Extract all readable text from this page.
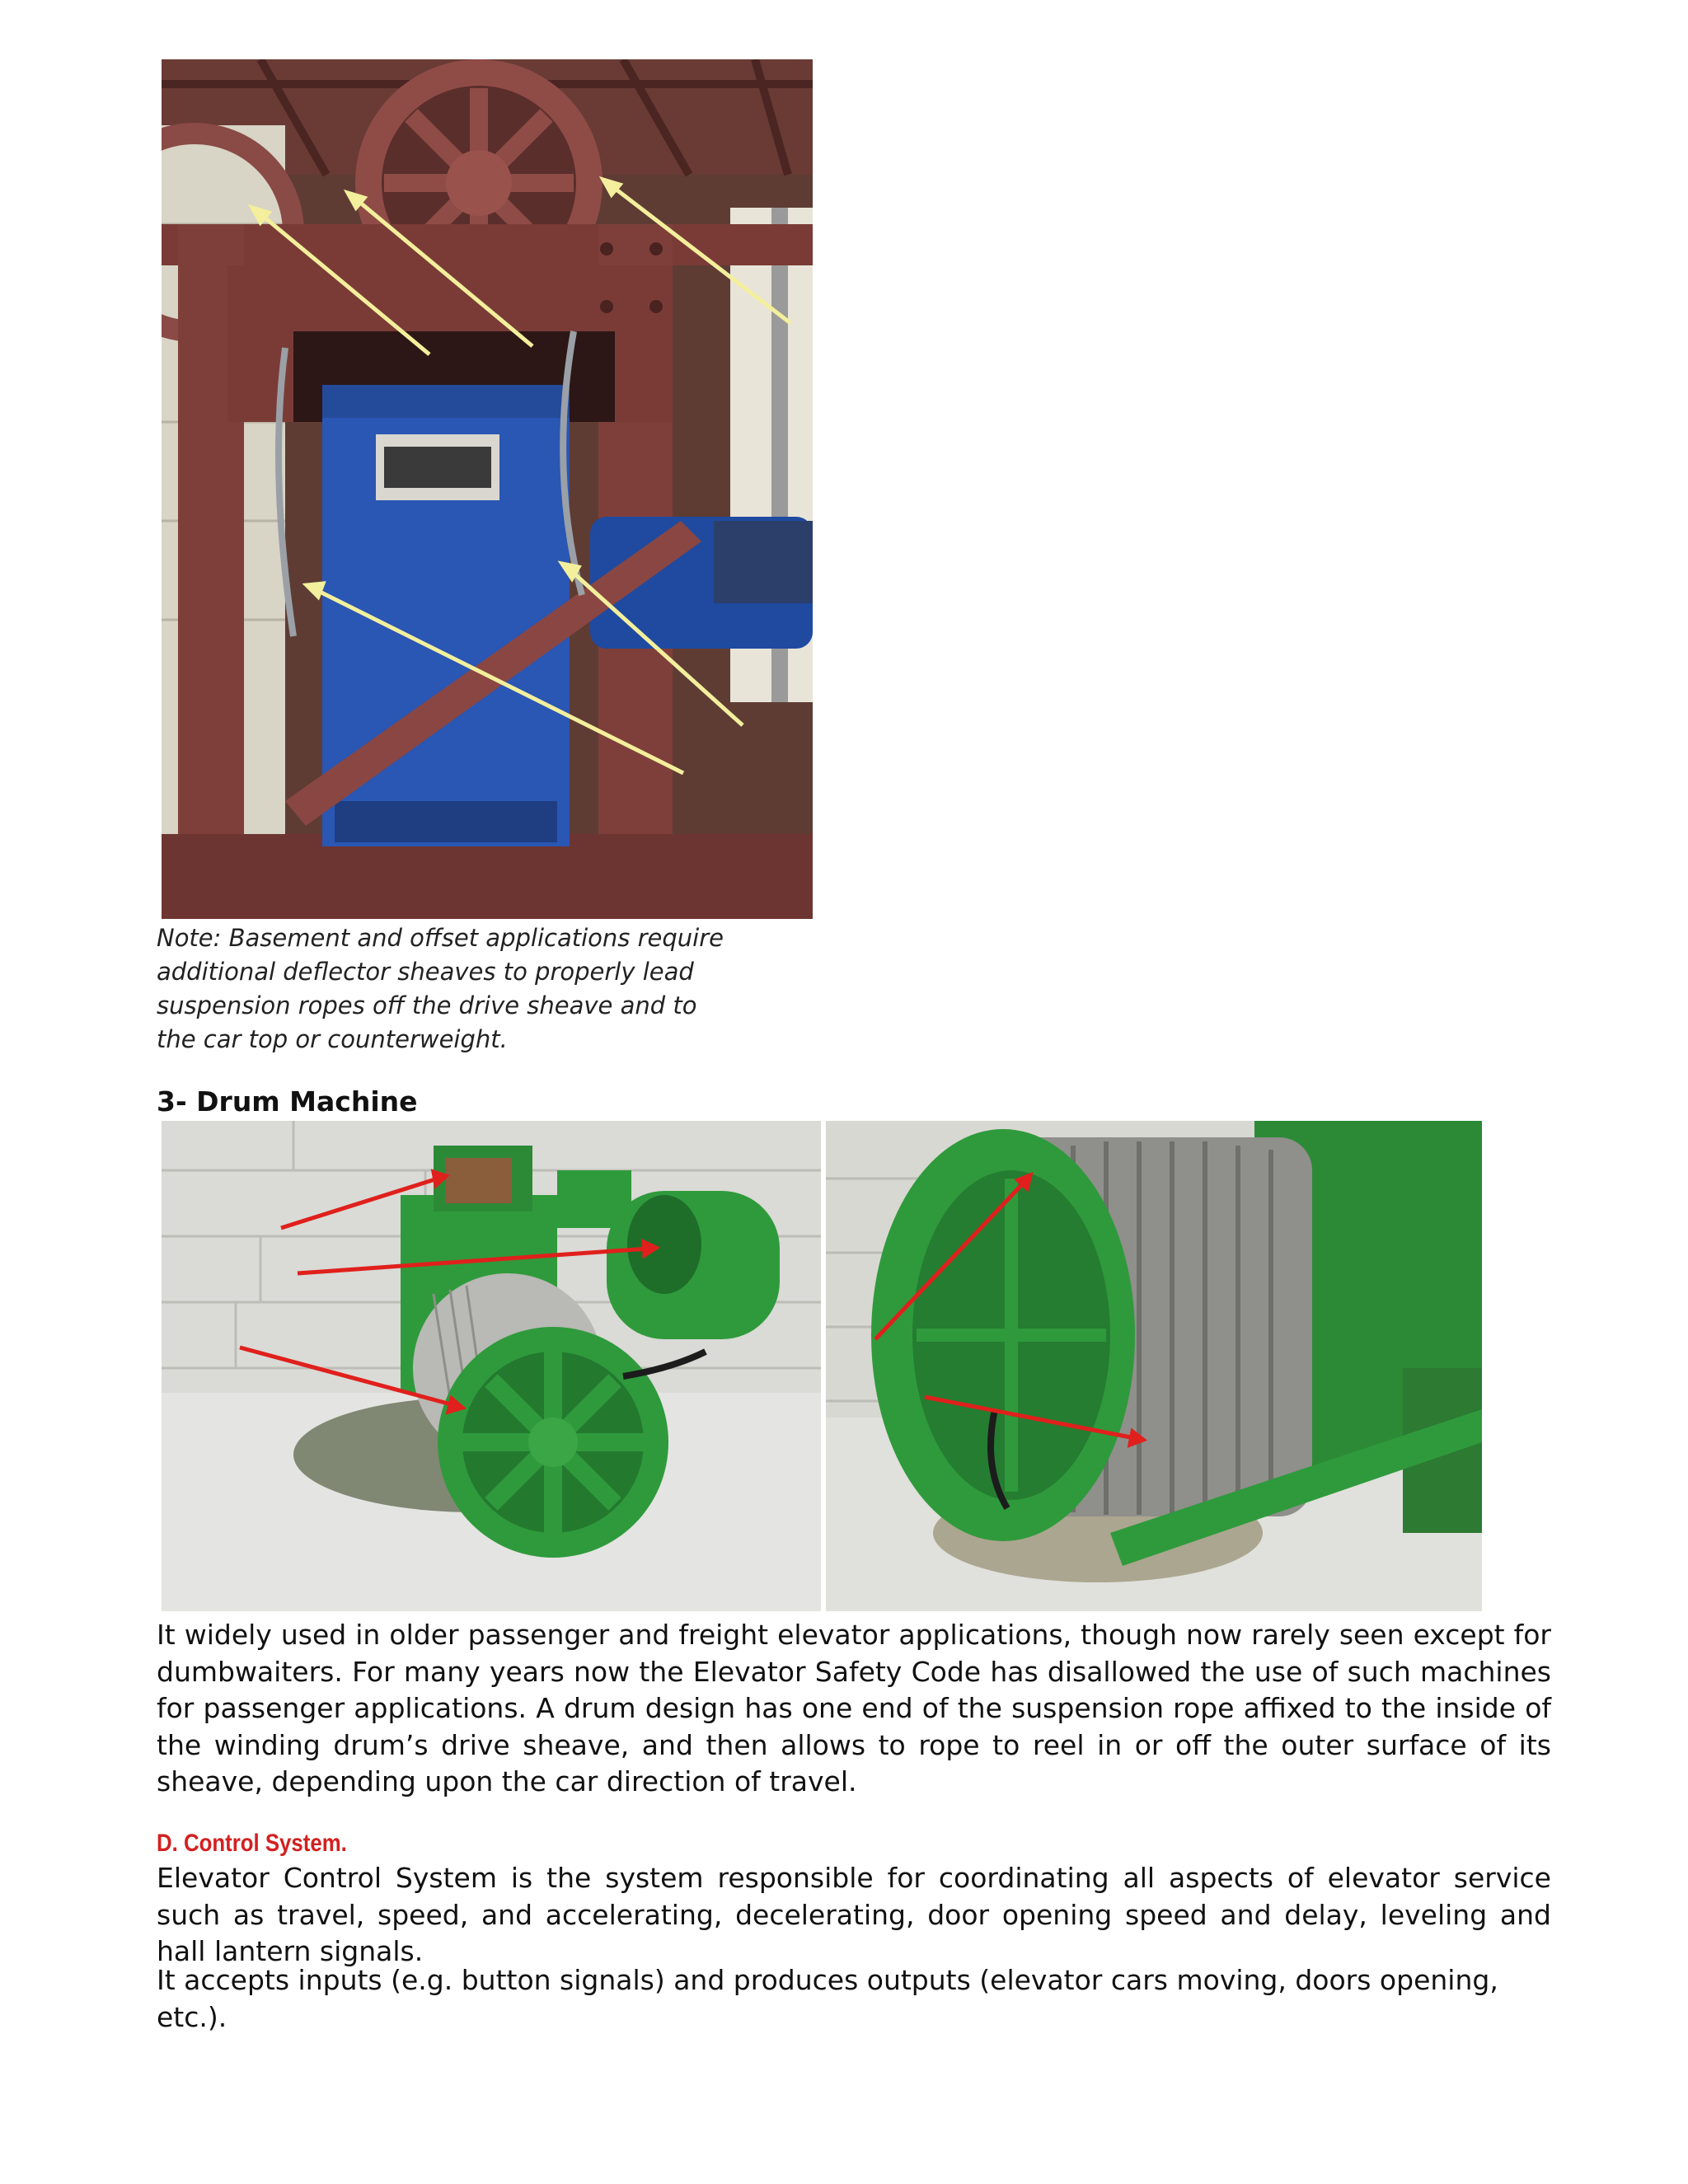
Note: Basement and offset applications require
additional deflector sheaves to properly lead
suspension ropes off the drive sheave and to
the car top or counterweight.
3- Drum Machine
It widely used in older passenger and freight elevator applications, though now rarely seen except for dumbwaiters. For many years now the Elevator Safety Code has disallowed the use of such machines for passenger applications. A drum design has one end of the suspension rope affixed to the inside of the winding drum’s drive sheave, and then allows to rope to reel in or off the outer surface of its sheave, depending upon the car direction of travel.
D. Control System.
Elevator Control System is the system responsible for coordinating all aspects of elevator service such as travel, speed, and accelerating, decelerating, door opening speed and delay, leveling and hall lantern signals.
It accepts inputs (e.g. button signals) and produces outputs (elevator cars moving, doors opening, etc.).
